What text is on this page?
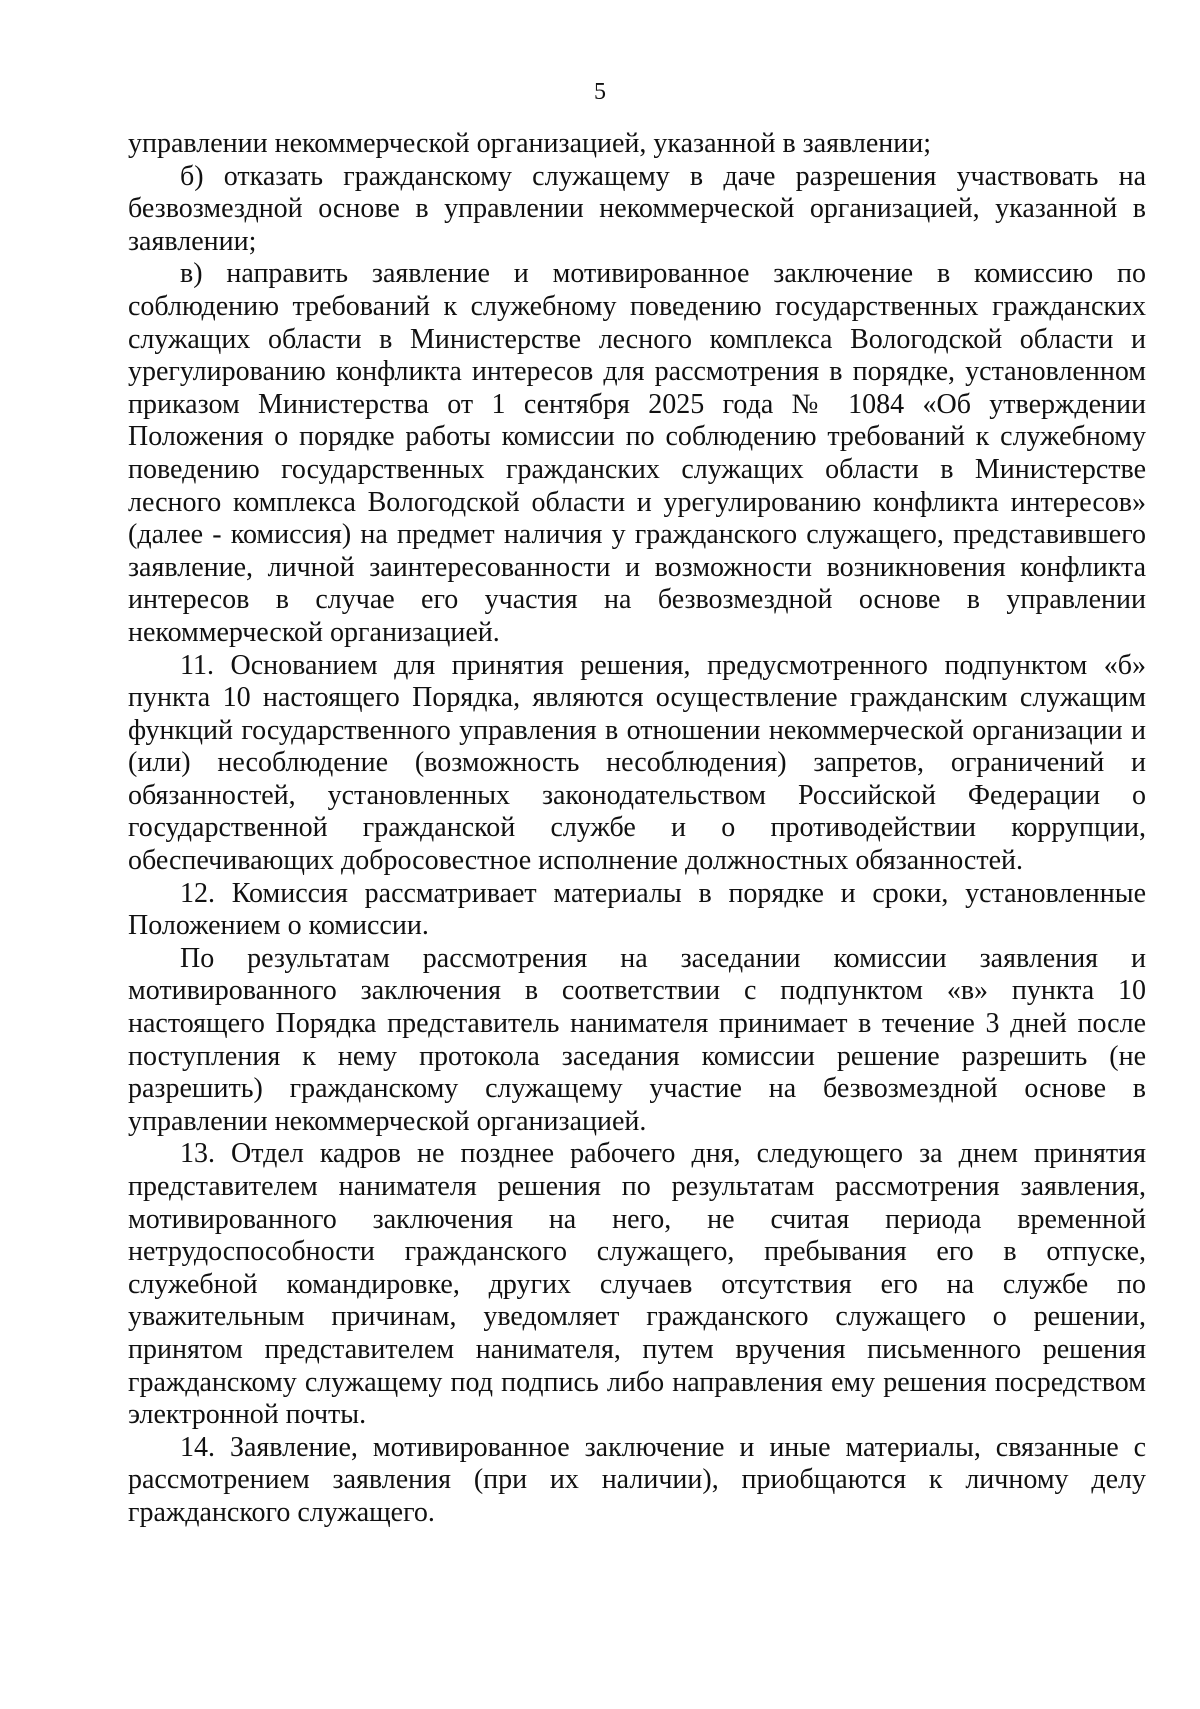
5

управлении некоммерческой организацией, указанной в заявлении;

б) отказать гражданскому служащему в даче разрешения участвовать на безвозмездной основе в управлении некоммерческой организацией, указанной в заявлении;

в) направить заявление и мотивированное заключение в комиссию по соблюдению требований к служебному поведению государственных гражданских служащих области в Министерстве лесного комплекса Вологодской области и урегулированию конфликта интересов для рассмотрения в порядке, установленном приказом Министерства от 1 сентября 2025 года № 1084 «Об утверждении Положения о порядке работы комиссии по соблюдению требований к служебному поведению государственных гражданских служащих области в Министерстве лесного комплекса Вологодской области и урегулированию конфликта интересов» (далее - комиссия) на предмет наличия у гражданского служащего, представившего заявление, личной заинтересованности и возможности возникновения конфликта интересов в случае его участия на безвозмездной основе в управлении некоммерческой организацией.

11. Основанием для принятия решения, предусмотренного подпунктом «б» пункта 10 настоящего Порядка, являются осуществление гражданским служащим функций государственного управления в отношении некоммерческой организации и (или) несоблюдение (возможность несоблюдения) запретов, ограничений и обязанностей, установленных законодательством Российской Федерации о государственной гражданской службе и о противодействии коррупции, обеспечивающих добросовестное исполнение должностных обязанностей.

12. Комиссия рассматривает материалы в порядке и сроки, установленные Положением о комиссии.

По результатам рассмотрения на заседании комиссии заявления и мотивированного заключения в соответствии с подпунктом «в» пункта 10 настоящего Порядка представитель нанимателя принимает в течение 3 дней после поступления к нему протокола заседания комиссии решение разрешить (не разрешить) гражданскому служащему участие на безвозмездной основе в управлении некоммерческой организацией.

13. Отдел кадров не позднее рабочего дня, следующего за днем принятия представителем нанимателя решения по результатам рассмотрения заявления, мотивированного заключения на него, не считая периода временной нетрудоспособности гражданского служащего, пребывания его в отпуске, служебной командировке, других случаев отсутствия его на службе по уважительным причинам, уведомляет гражданского служащего о решении, принятом представителем нанимателя, путем вручения письменного решения гражданскому служащему под подпись либо направления ему решения посредством электронной почты.

14. Заявление, мотивированное заключение и иные материалы, связанные с рассмотрением заявления (при их наличии), приобщаются к личному делу гражданского служащего.
